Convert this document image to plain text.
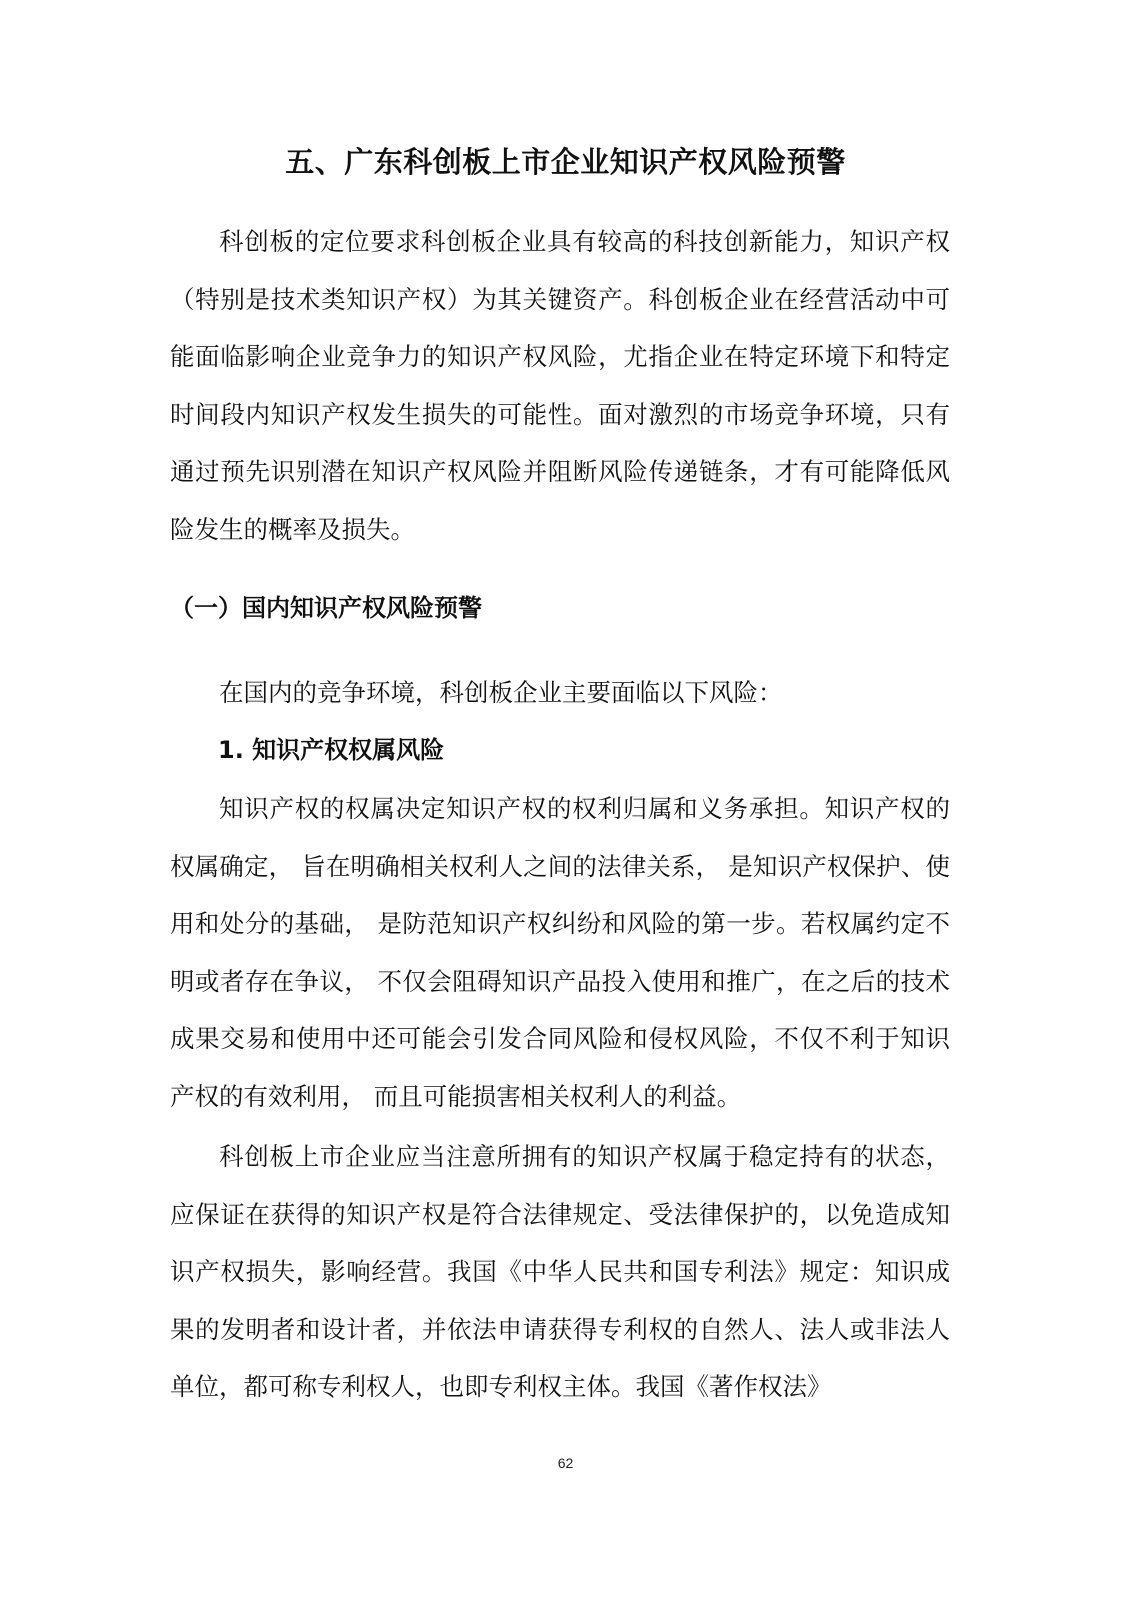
五、广东科创板上市企业知识产权风险预警

科创板的定位要求科创板企业具有较高的科技创新能力，知识产权（特别是技术类知识产权）为其关键资产。科创板企业在经营活动中可能面临影响企业竞争力的知识产权风险，尤指企业在特定环境下和特定时间段内知识产权发生损失的可能性。面对激烈的市场竞争环境，只有通过预先识别潜在知识产权风险并阻断风险传递链条，才有可能降低风险发生的概率及损失。

（一）国内知识产权风险预警

在国内的竞争环境，科创板企业主要面临以下风险：

1. 知识产权权属风险

知识产权的权属决定知识产权的权利归属和义务承担。知识产权的权属确定， 旨在明确相关权利人之间的法律关系， 是知识产权保护、使用和处分的基础， 是防范知识产权纠纷和风险的第一步。若权属约定不明或者存在争议， 不仅会阻碍知识产品投入使用和推广，在之后的技术成果交易和使用中还可能会引发合同风险和侵权风险，不仅不利于知识产权的有效利用， 而且可能损害相关权利人的利益。

科创板上市企业应当注意所拥有的知识产权属于稳定持有的状态，应保证在获得的知识产权是符合法律规定、受法律保护的，以免造成知识产权损失，影响经营。我国《中华人民共和国专利法》规定：知识成果的发明者和设计者，并依法申请获得专利权的自然人、法人或非法人单位，都可称专利权人，也即专利权主体。我国《著作权法》

62
